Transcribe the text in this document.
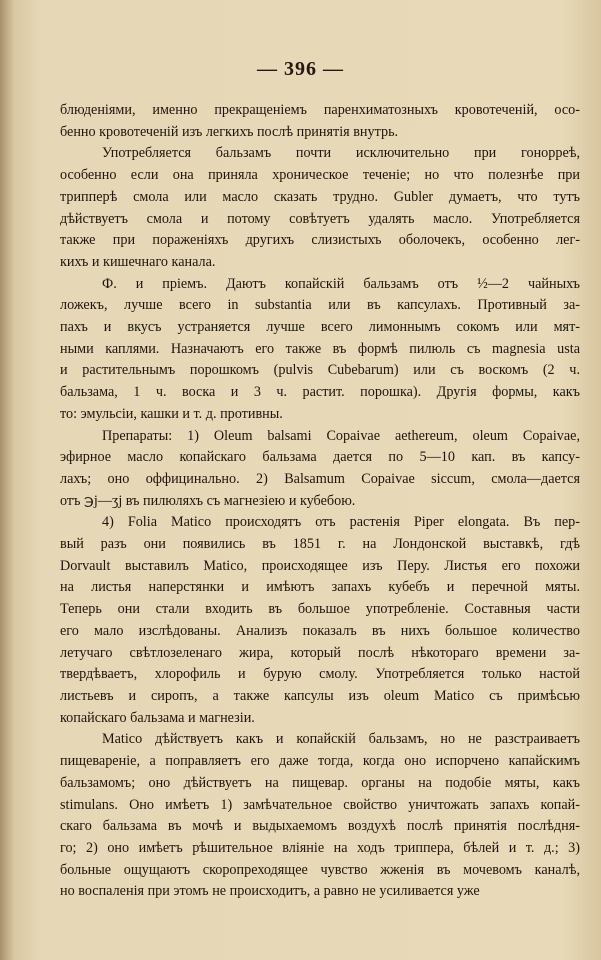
— 396 —
блюденіями, именно прекращеніемъ паренхиматозныхъ кровотеченій, осо-
бенно кровотеченій изъ легкихъ послѣ принятія внутрь.
Употребляется бальзамъ почти исключительно при гонорреѣ,
особенно если она приняла хроническое теченіе; но что полезнѣе при
трипперѣ смола или масло сказать трудно. Gubler думаетъ, что тутъ
дѣйствуетъ смола и потому совѣтуетъ удалять масло. Употребляется
также при пораженіяхъ другихъ слизистыхъ оболочекъ, особенно лег-
кихъ и кишечнаго канала.
Ф. и пріемъ. Даютъ копайскій бальзамъ отъ ½—2 чайныхъ
ложекъ, лучше всего in substantia или въ капсулахъ. Противный за-
пахъ и вкусъ устраняется лучше всего лимоннымъ сокомъ или мят-
ными каплями. Назначаютъ его также въ формѣ пилюль съ magnesia usta
и растительнымъ порошкомъ (pulvis Cubebarum) или съ воскомъ (2 ч.
бальзама, 1 ч. воска и 3 ч. растит. порошка). Другія формы, какъ
то: эмульсіи, кашки и т. д. противны.
Препараты: 1) Oleum balsami Copaivae aethereum, oleum Copaivae,
эфирное масло копайскаго бальзама дается по 5—10 кап. въ капсу-
лахъ; оно оффицинально. 2) Balsamum Copaivae siccum, смола—дается
отъ ℈j—ʒj въ пилюляхъ съ магнезіею и кубебою.
4) Folia Matico происходятъ отъ растенія Piper elongata. Въ пер-
вый разъ они появились въ 1851 г. на Лондонской выставкѣ, гдѣ
Dorvault выставилъ Matico, происходящее изъ Перу. Листья его похожи
на листья наперстянки и имѣютъ запахъ кубебъ и перечной мяты.
Теперь они стали входить въ большое употребленіе. Составныя части
его мало изслѣдованы. Анализъ показалъ въ нихъ большое количество
летучаго свѣтлозеленаго жира, который послѣ нѣкотораго времени за-
твердѣваетъ, хлорофиль и бурую смолу. Употребляется только настой
листьевъ и сиропъ, а также капсулы изъ oleum Matico съ примѣсью
копайскаго бальзама и магнезіи.
Matico дѣйствуетъ какъ и копайскій бальзамъ, но не разстраиваетъ
пищевареніе, а поправляетъ его даже тогда, когда оно испорчено капайскимъ
бальзамомъ; оно дѣйствуетъ на пищевар. органы на подобіе мяты, какъ
stimulans. Оно имѣетъ 1) замѣчательное свойство уничтожать запахъ копай-
скаго бальзама въ мочѣ и выдыхаемомъ воздухѣ послѣ принятія послѣдня-
го; 2) оно имѣетъ рѣшительное вліяніе на ходъ триппера, бѣлей и т. д.; 3)
больные ощущаютъ скоропреходящее чувство жженія въ мочевомъ каналѣ,
но воспаленія при этомъ не происходитъ, а равно не усиливается уже
